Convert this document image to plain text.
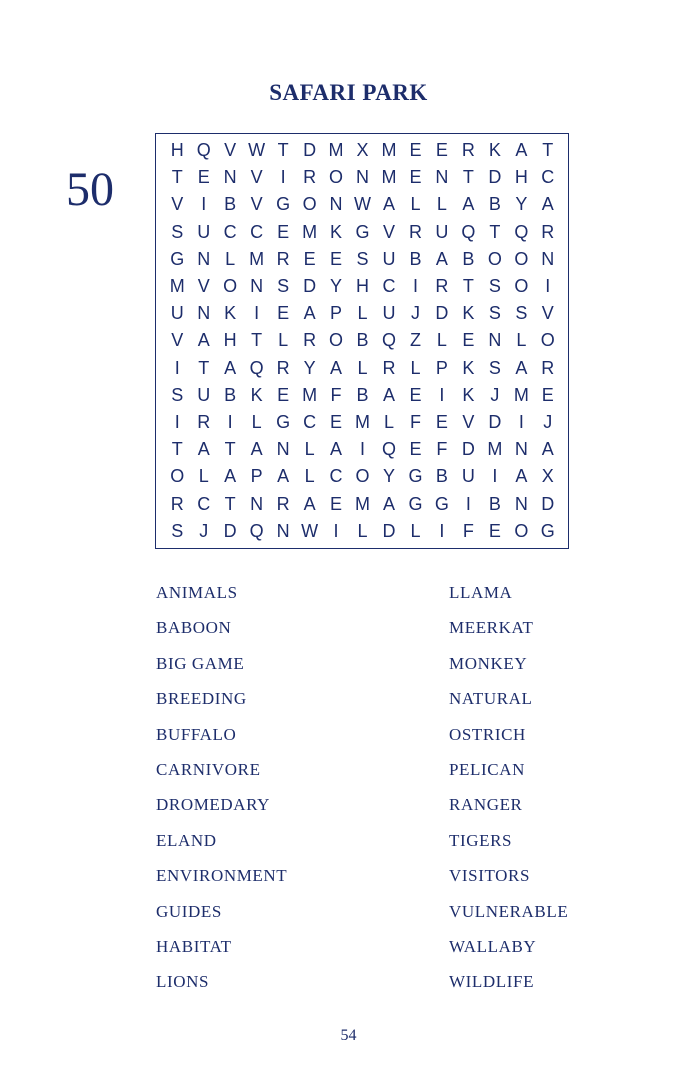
SAFARI PARK
50
H Q V W T D M X M E E R K A T
T E N V I R O N M E N T D H C
V I B V G O N W A L L A B Y A
S U C C E M K G V R U Q T Q R
G N L M R E E S U B A B O O N
M V O N S D Y H C I R T S O I
U N K I E A P L U J D K S S V
V A H T L R O B Q Z L E N L O
I	T A Q R Y A L R L P K S A R
S U B K E M F B A E I K J M E
I R I	L G C E M L F E V D I	J
T A T A N L A I Q E F D M N A
O L A P A L C O Y G B U I A X
R C T N R A E M A G G I B N D
S J D Q N W I	L D L	I	F E O G
ANIMALS
BABOON
BIG GAME
BREEDING
BUFFALO
CARNIVORE
DROMEDARY
ELAND
ENVIRONMENT
GUIDES
HABITAT
LIONS
LLAMA
MEERKAT
MONKEY
NATURAL
OSTRICH
PELICAN
RANGER
TIGERS
VISITORS
VULNERABLE
WALLABY
WILDLIFE
54
